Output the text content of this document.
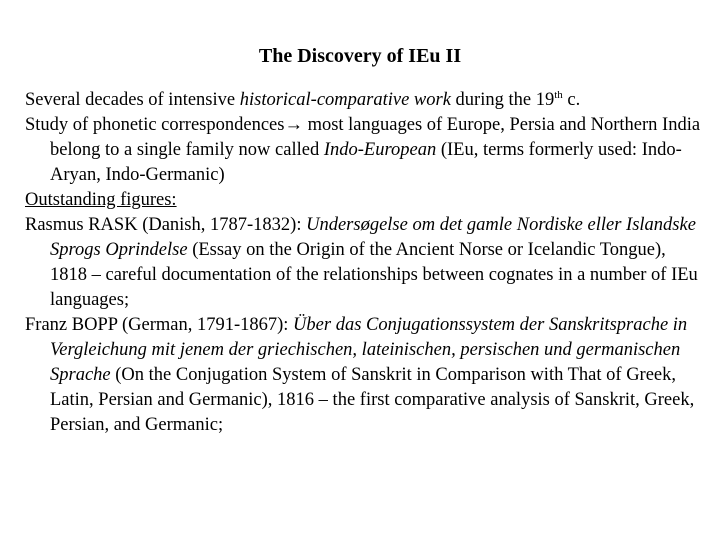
The Discovery of IEu II

Several decades of intensive historical-comparative work during the 19th c.

Study of phonetic correspondences→ most languages of Europe, Persia and Northern India belong to a single family now called Indo-European (IEu, terms formerly used: Indo-Aryan, Indo-Germanic)

Outstanding figures:

Rasmus RASK (Danish, 1787-1832): Undersøgelse om det gamle Nordiske eller Islandske Sprogs Oprindelse (Essay on the Origin of the Ancient Norse or Icelandic Tongue), 1818 – careful documentation of the relationships between cognates in a number of IEu languages;

Franz BOPP (German, 1791-1867): Über das Conjugationssystem der Sanskritsprache in Vergleichung mit jenem der griechischen, lateinischen, persischen und germanischen Sprache (On the Conjugation System of Sanskrit in Comparison with That of Greek, Latin, Persian and Germanic), 1816 – the first comparative analysis of Sanskrit, Greek, Persian, and Germanic;
